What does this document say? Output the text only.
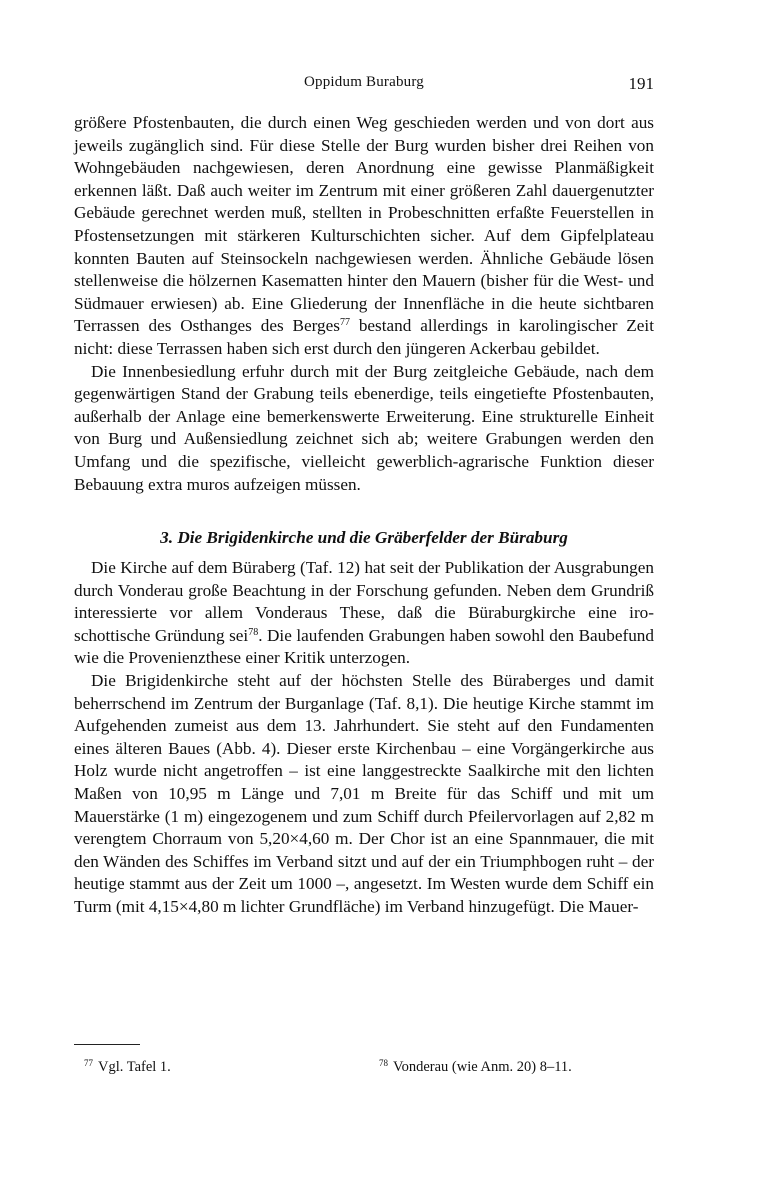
Oppidum Buraburg	191

größere Pfostenbauten, die durch einen Weg geschieden werden und von dort aus jeweils zugänglich sind. Für diese Stelle der Burg wurden bisher drei Reihen von Wohngebäuden nachgewiesen, deren Anordnung eine gewisse Planmäßigkeit erkennen läßt. Daß auch weiter im Zentrum mit einer größeren Zahl dauergenutzter Gebäude gerechnet werden muß, stellten in Probeschnitten erfaßte Feuerstellen in Pfostensetzungen mit stärkeren Kulturschichten sicher. Auf dem Gipfelplateau konnten Bauten auf Steinsockeln nachgewiesen werden. Ähnliche Gebäude lösen stellenweise die hölzernen Kasematten hinter den Mauern (bisher für die West- und Südmauer erwiesen) ab. Eine Gliederung der Innenfläche in die heute sichtbaren Terrassen des Osthanges des Berges$^{77}$ bestand allerdings in karolingischer Zeit nicht: diese Terrassen haben sich erst durch den jüngeren Ackerbau gebildet.

Die Innenbesiedlung erfuhr durch mit der Burg zeitgleiche Gebäude, nach dem gegenwärtigen Stand der Grabung teils ebenerdige, teils eingetiefte Pfostenbauten, außerhalb der Anlage eine bemerkenswerte Erweiterung. Eine strukturelle Einheit von Burg und Außensiedlung zeichnet sich ab; weitere Grabungen werden den Umfang und die spezifische, vielleicht gewerblich-agrarische Funktion dieser Bebauung extra muros aufzeigen müssen.

3. Die Brigidenkirche und die Gräberfelder der Büraburg

Die Kirche auf dem Büraberg (Taf. 12) hat seit der Publikation der Ausgrabungen durch Vonderau große Beachtung in der Forschung gefunden. Neben dem Grundriß interessierte vor allem Vonderaus These, daß die Büraburgkirche eine iro-schottische Gründung sei$^{78}$. Die laufenden Grabungen haben sowohl den Baubefund wie die Provenienzthese einer Kritik unterzogen.

Die Brigidenkirche steht auf der höchsten Stelle des Büraberges und damit beherrschend im Zentrum der Burganlage (Taf. 8,1). Die heutige Kirche stammt im Aufgehenden zumeist aus dem 13. Jahrhundert. Sie steht auf den Fundamenten eines älteren Baues (Abb. 4). Dieser erste Kirchenbau – eine Vorgängerkirche aus Holz wurde nicht angetroffen – ist eine langgestreckte Saalkirche mit den lichten Maßen von 10,95 m Länge und 7,01 m Breite für das Schiff und mit um Mauerstärke (1 m) eingezogenem und zum Schiff durch Pfeilervorlagen auf 2,82 m verengtem Chorraum von 5,20×4,60 m. Der Chor ist an eine Spannmauer, die mit den Wänden des Schiffes im Verband sitzt und auf der ein Triumphbogen ruht – der heutige stammt aus der Zeit um 1000 –, angesetzt. Im Westen wurde dem Schiff ein Turm (mit 4,15×4,80 m lichter Grundfläche) im Verband hinzugefügt. Die Mauer-

$^{77}$ Vgl. Tafel 1.	$^{78}$ Vonderau (wie Anm. 20) 8–11.
